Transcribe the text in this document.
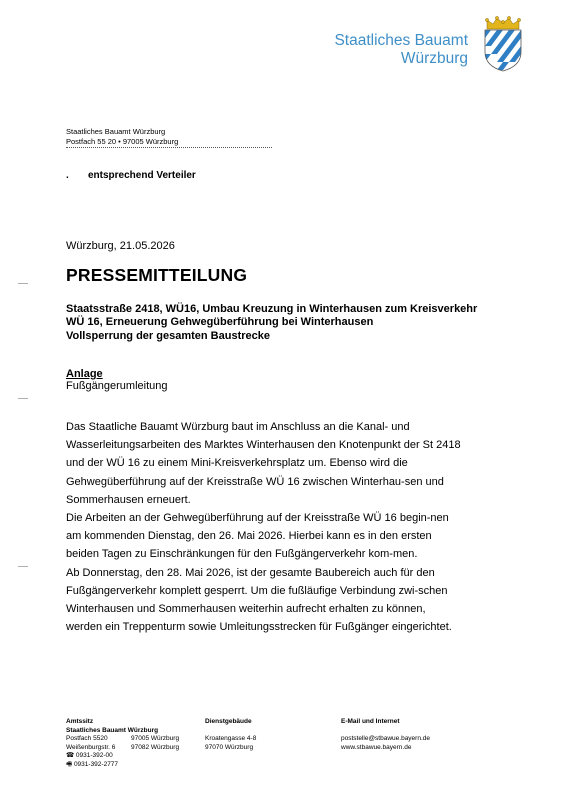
Staatliches Bauamt
Würzburg
Staatliches Bauamt Würzburg
Postfach 55 20 • 97005 Würzburg
. entsprechend Verteiler
Würzburg, 21.05.2026
PRESSEMITTEILUNG
Staatsstraße 2418, WÜ16, Umbau Kreuzung in Winterhausen zum Kreisverkehr
WÜ 16, Erneuerung Gehwegüberführung bei Winterhausen
Vollsperrung der gesamten Baustrecke
Anlage
Fußgängerumleitung

Das Staatliche Bauamt Würzburg baut im Anschluss an die Kanal- und Wasserleitungsarbeiten des Marktes Winterhausen den Knotenpunkt der St 2418 und der WÜ 16 zu einem Mini-Kreisverkehrsplatz um. Ebenso wird die Gehwegüberführung auf der Kreisstraße WÜ 16 zwischen Winterhau-sen und Sommerhausen erneuert.

Die Arbeiten an der Gehwegüberführung auf der Kreisstraße WÜ 16 begin-nen am kommenden Dienstag, den 26. Mai 2026. Hierbei kann es in den ersten beiden Tagen zu Einschränkungen für den Fußgängerverkehr kom-men.

Ab Donnerstag, den 28. Mai 2026, ist der gesamte Baubereich auch für den Fußgängerverkehr komplett gesperrt. Um die fußläufige Verbindung zwi-schen Winterhausen und Sommerhausen weiterhin aufrecht erhalten zu können, werden ein Treppenturm sowie Umleitungsstrecken für Fußgänger eingerichtet.

Amtssitz
Staatliches Bauamt Würzburg
Postfach 5520	97005 Würzburg
Weißenburgstr. 6	97082 Würzburg
☎ 0931-392-00
🖷 0931-392-2777
Dienstgebäude

Kroatengasse 4-8
97070 Würzburg
E-Mail und Internet

poststelle@stbawue.bayern.de
www.stbawue.bayern.de
